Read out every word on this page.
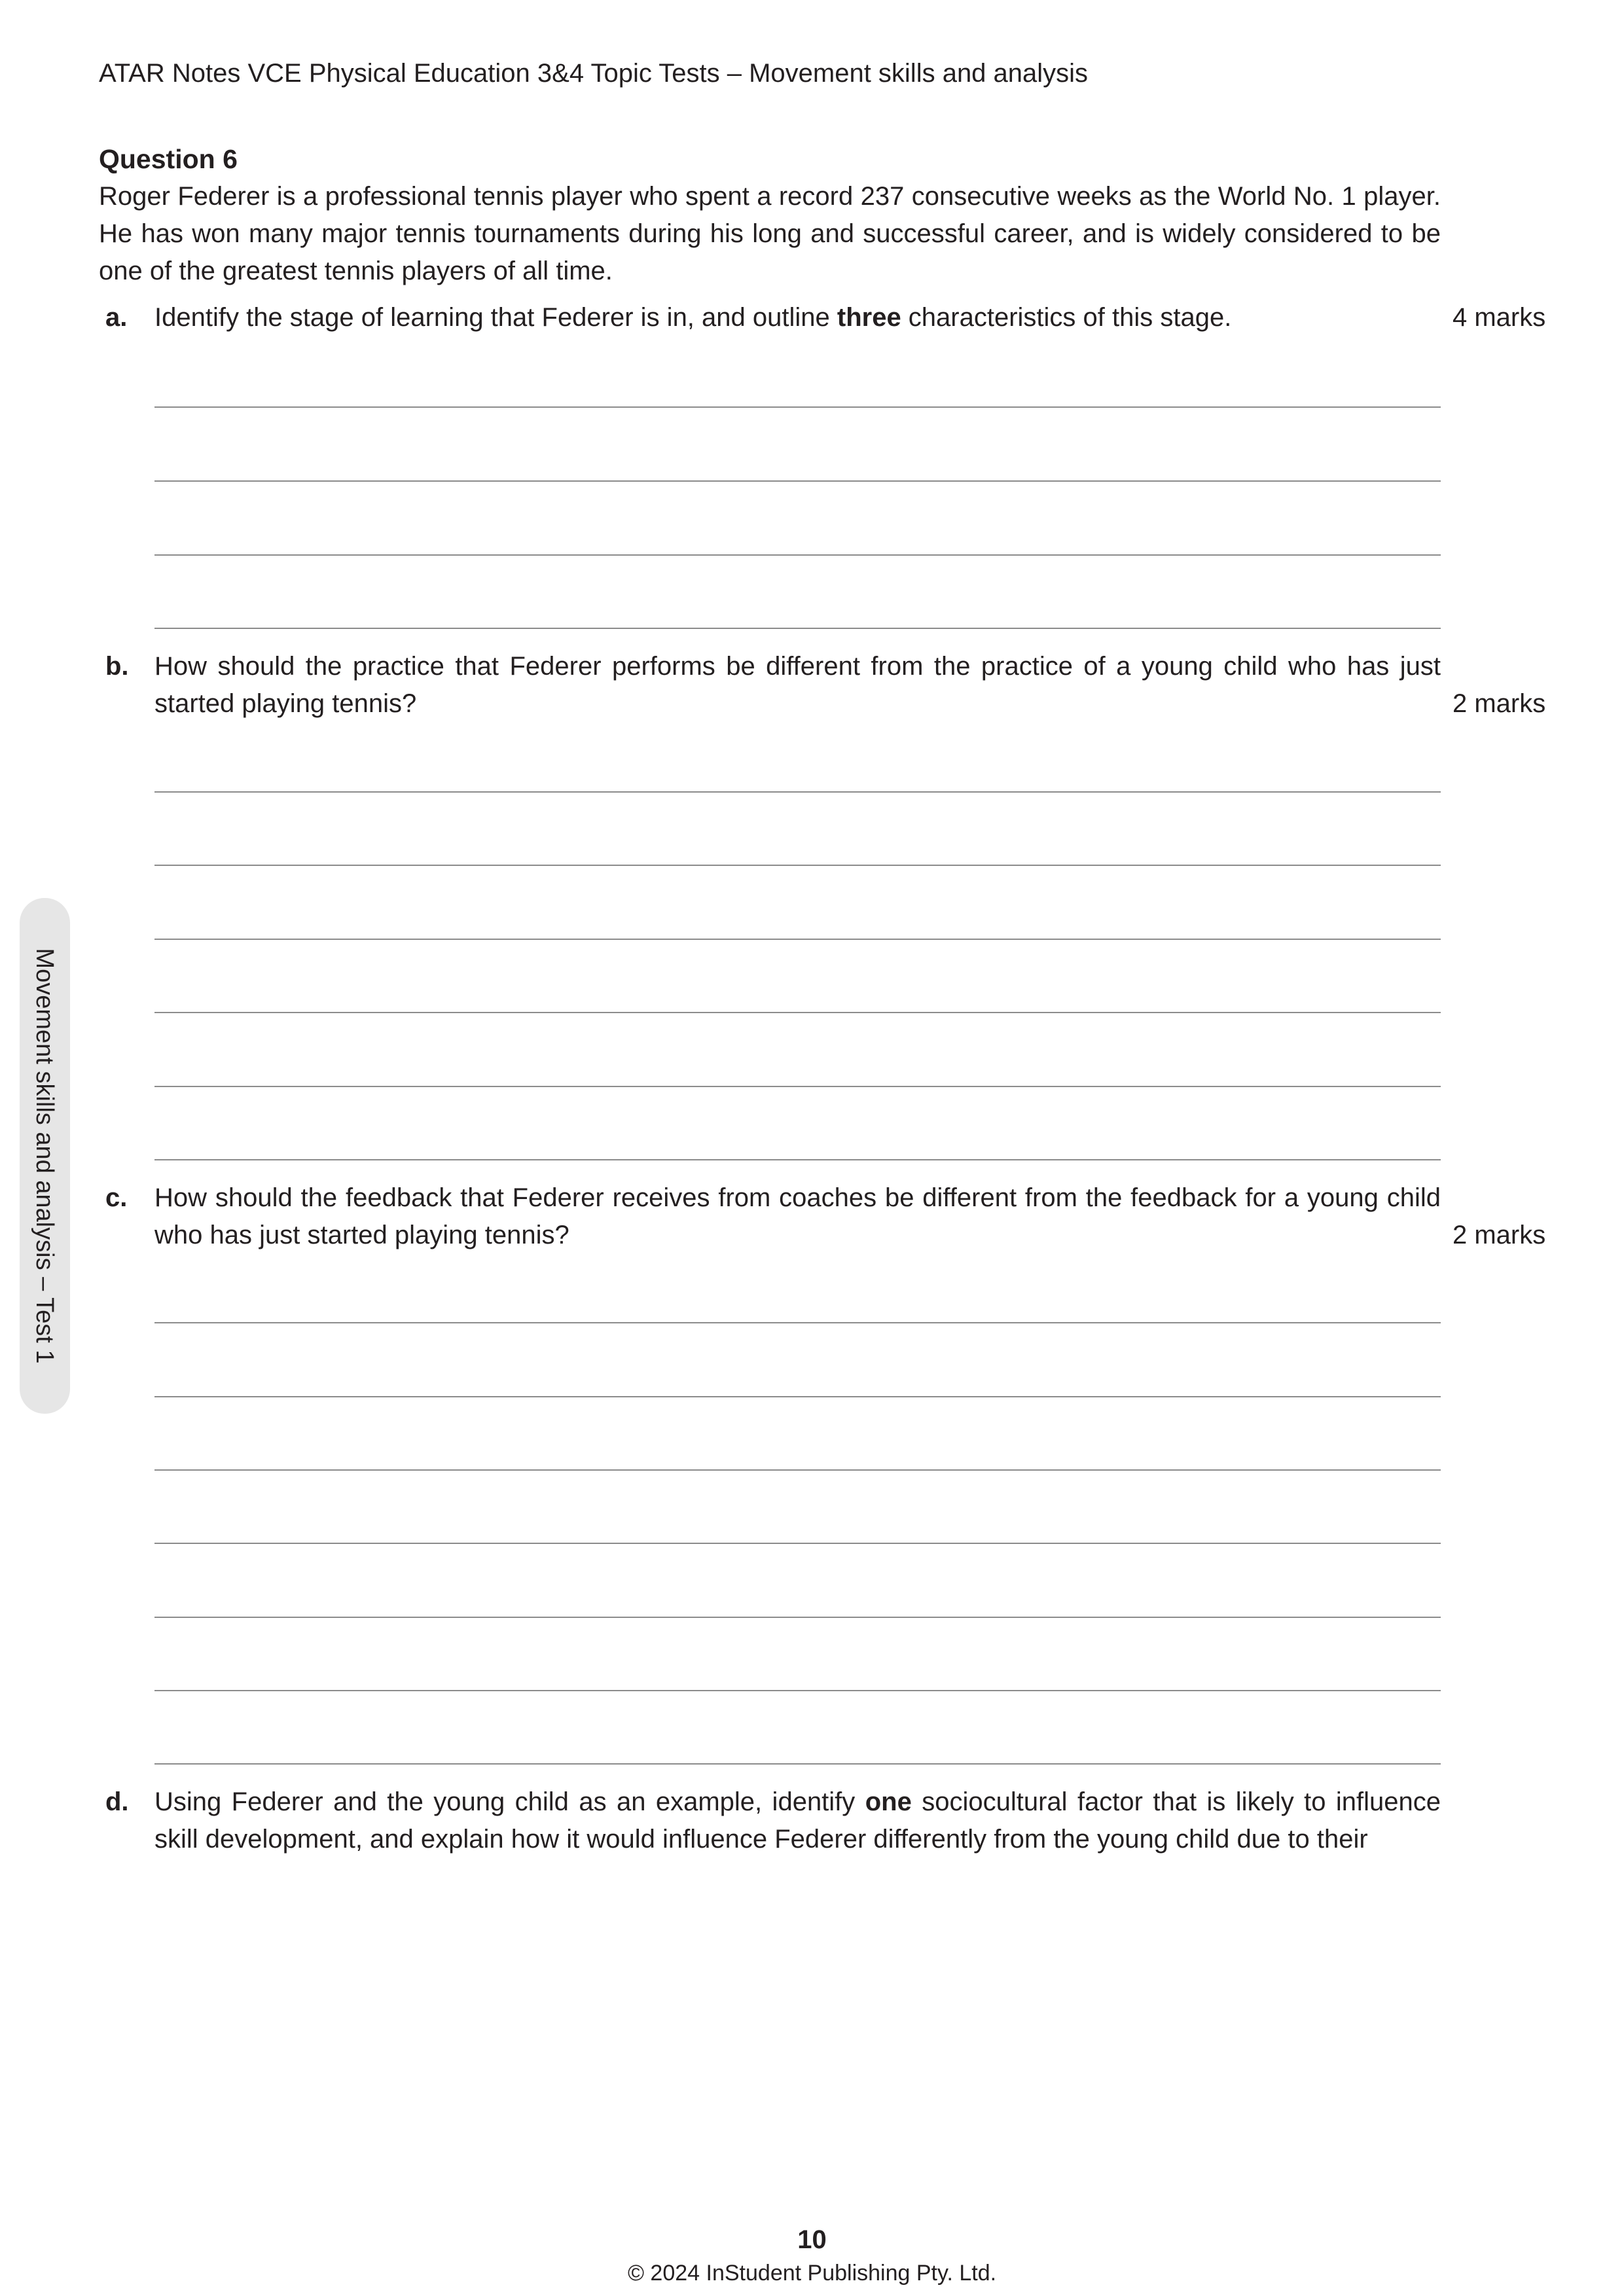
ATAR Notes VCE Physical Education 3&4 Topic Tests – Movement skills and analysis
Movement skills and analysis – Test 1
Question 6
Roger Federer is a professional tennis player who spent a record 237 consecutive weeks as the World No. 1 player. He has won many major tennis tournaments during his long and successful career, and is widely considered to be one of the greatest tennis players of all time.
a. Identify the stage of learning that Federer is in, and outline three characteristics of this stage.	4 marks
b. How should the practice that Federer performs be different from the practice of a young child who has just started playing tennis?	2 marks
c. How should the feedback that Federer receives from coaches be different from the feedback for a young child who has just started playing tennis?	2 marks
d. Using Federer and the young child as an example, identify one sociocultural factor that is likely to influence skill development, and explain how it would influence Federer differently from the young child due to their
10
© 2024 InStudent Publishing Pty. Ltd.
